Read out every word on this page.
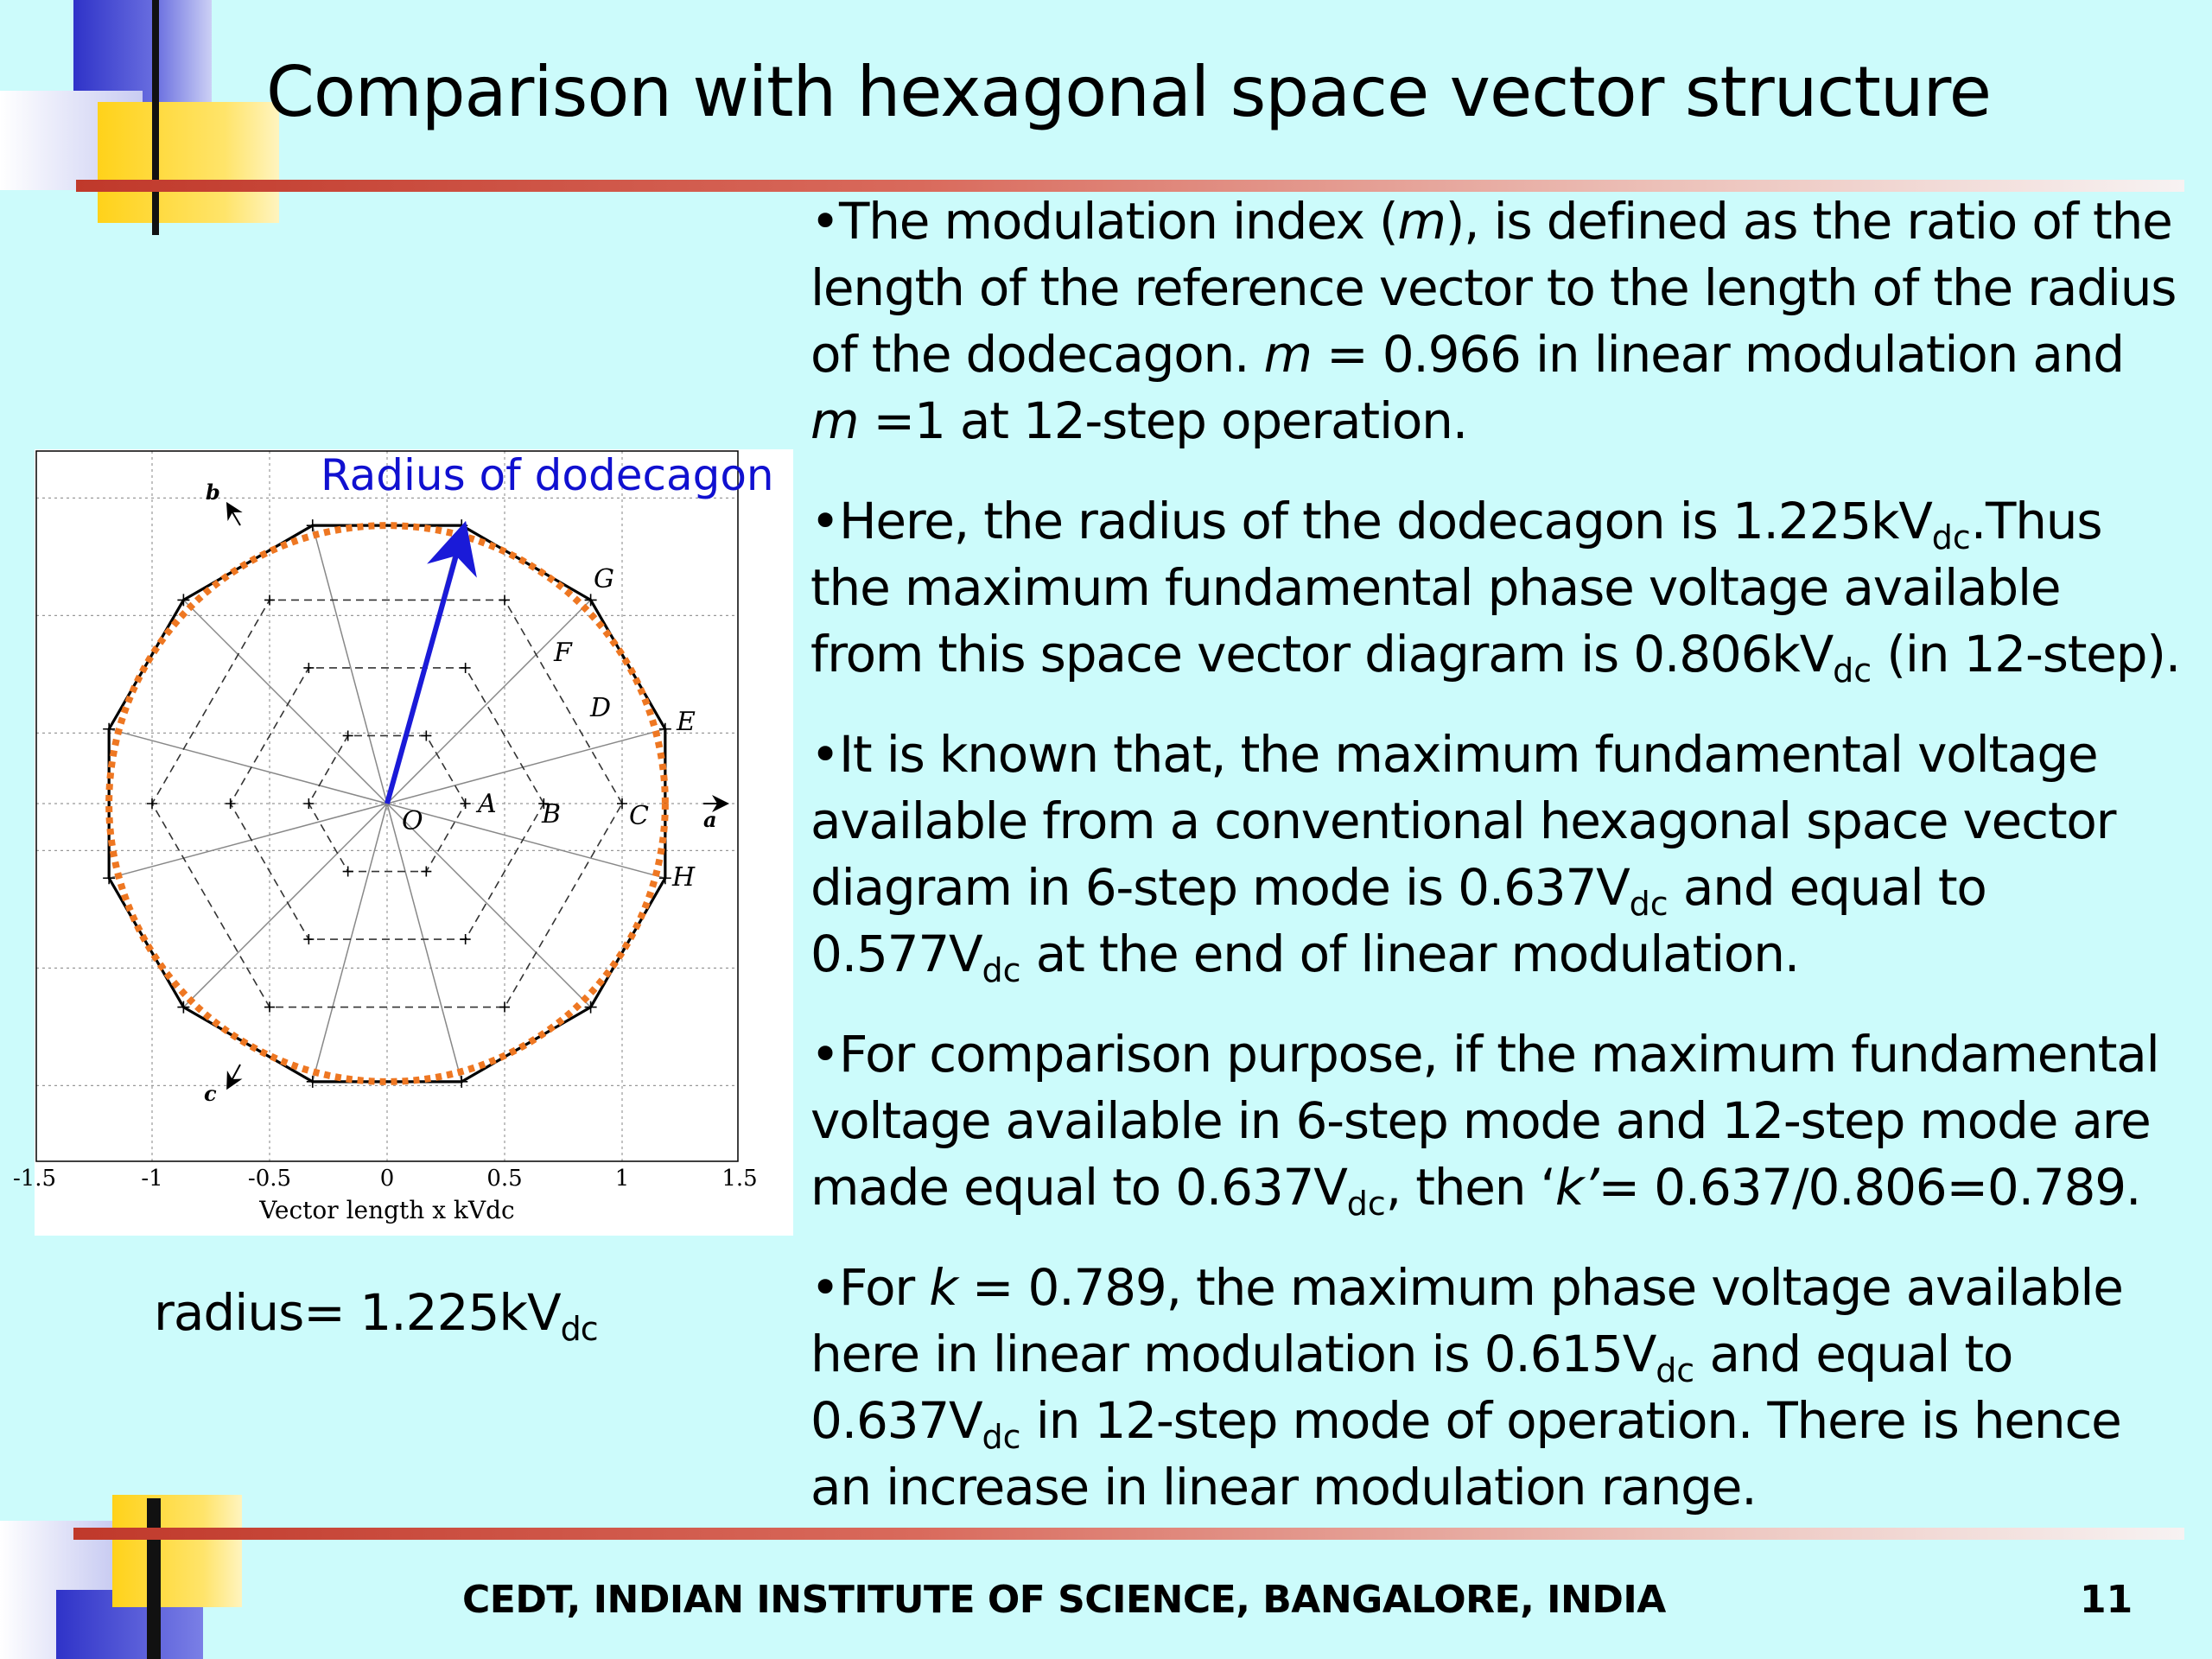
Comparison with hexagonal space vector structure

•The modulation index (m), is defined as the ratio of the length of the reference vector to the length of the radius of the dodecagon. m = 0.966 in linear modulation and m =1 at 12-step operation.

•Here, the radius of the dodecagon is $1.225kV_{dc}.Thus$ the maximum fundamental phase voltage available from this space vector diagram is $0.806kV_{dc}$ (in 12-step).

•It is known that, the maximum fundamental voltage available from a conventional hexagonal space vector diagram in 6-step mode is $0.637V_{dc}$ and equal to $0.577V_{dc}$ at the end of linear modulation.

•For comparison purpose, if the maximum fundamental voltage available in 6-step mode and 12-step mode are made equal to $0.637V_{dc}$, then ‘k’= 0.637/0.806=0.789.

•For k = 0.789, the maximum phase voltage available here in linear modulation is $0.615V_{dc}$ and equal to $0.637V_{dc}$ in 12-step mode of operation. There is hence an increase in linear modulation range.

O
A B	C
D	E
F
G
H
a
b
c
-1.5	-1	-0.5	0	0.5	1	1.5
Radius of dodecagon
Vector length x kVdc
radius= $1.225kV_{dc}$
CEDT, INDIAN INSTITUTE OF SCIENCE, BANGALORE, INDIA	11
